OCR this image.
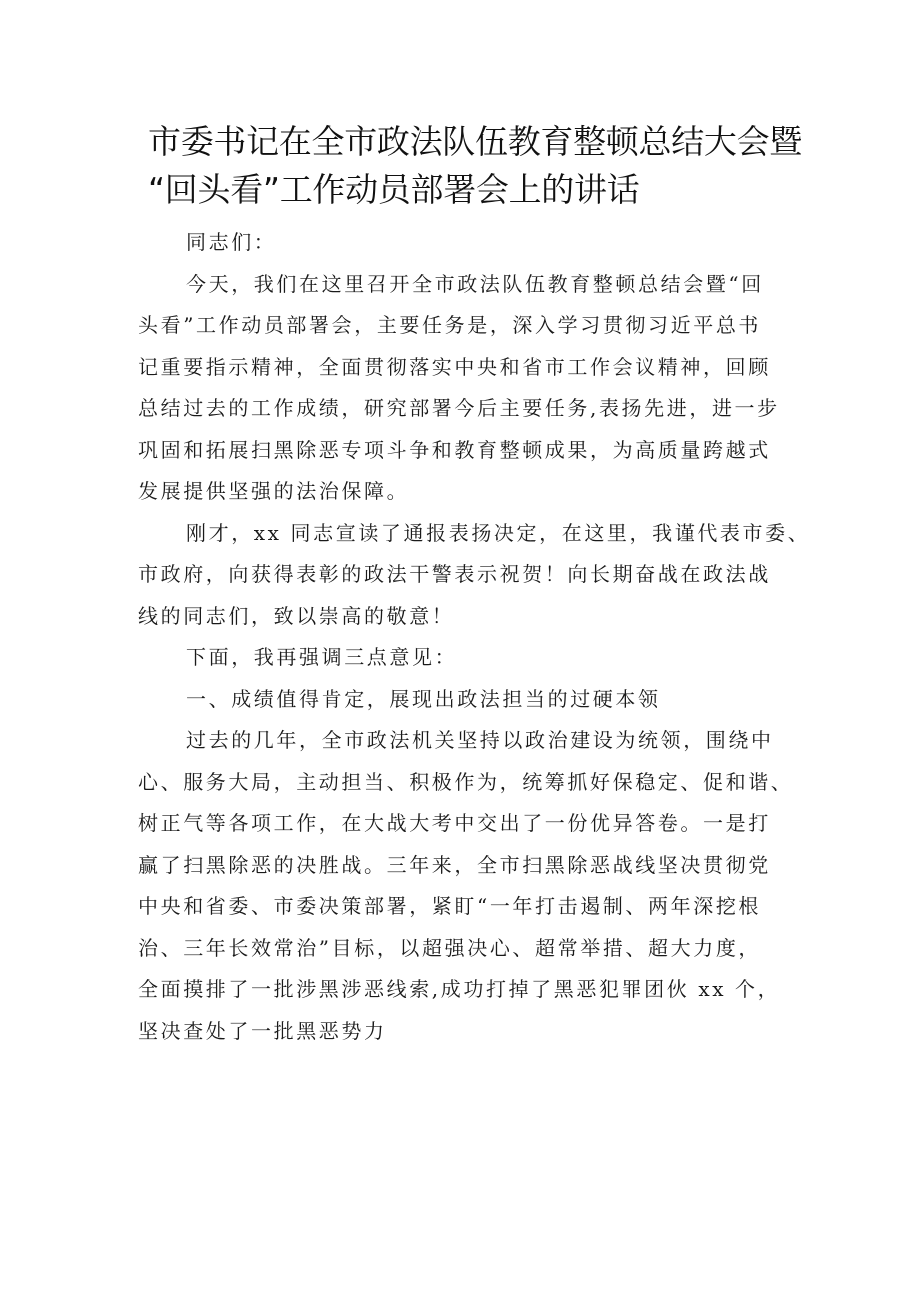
市委书记在全市政法队伍教育整顿总结大会暨
“回头看”工作动员部署会上的讲话
同志们：
今天，我们在这里召开全市政法队伍教育整顿总结会暨“回
头看”工作动员部署会，主要任务是，深入学习贯彻习近平总书
记重要指示精神，全面贯彻落实中央和省市工作会议精神，回顾
总结过去的工作成绩，研究部署今后主要任务,表扬先进，进一步
巩固和拓展扫黑除恶专项斗争和教育整顿成果，为高质量跨越式
发展提供坚强的法治保障。
刚才，xx 同志宣读了通报表扬决定，在这里，我谨代表市委、
市政府，向获得表彰的政法干警表示祝贺！向长期奋战在政法战
线的同志们，致以崇高的敬意！
下面，我再强调三点意见：
一、成绩值得肯定，展现出政法担当的过硬本领
过去的几年，全市政法机关坚持以政治建设为统领，围绕中
心、服务大局，主动担当、积极作为，统筹抓好保稳定、促和谐、
树正气等各项工作，在大战大考中交出了一份优异答卷。一是打
赢了扫黑除恶的决胜战。三年来，全市扫黑除恶战线坚决贯彻党
中央和省委、市委决策部署，紧盯“一年打击遏制、两年深挖根
治、三年长效常治”目标，以超强决心、超常举措、超大力度，
全面摸排了一批涉黑涉恶线索,成功打掉了黑恶犯罪团伙 xx 个，
坚决查处了一批黑恶势力
